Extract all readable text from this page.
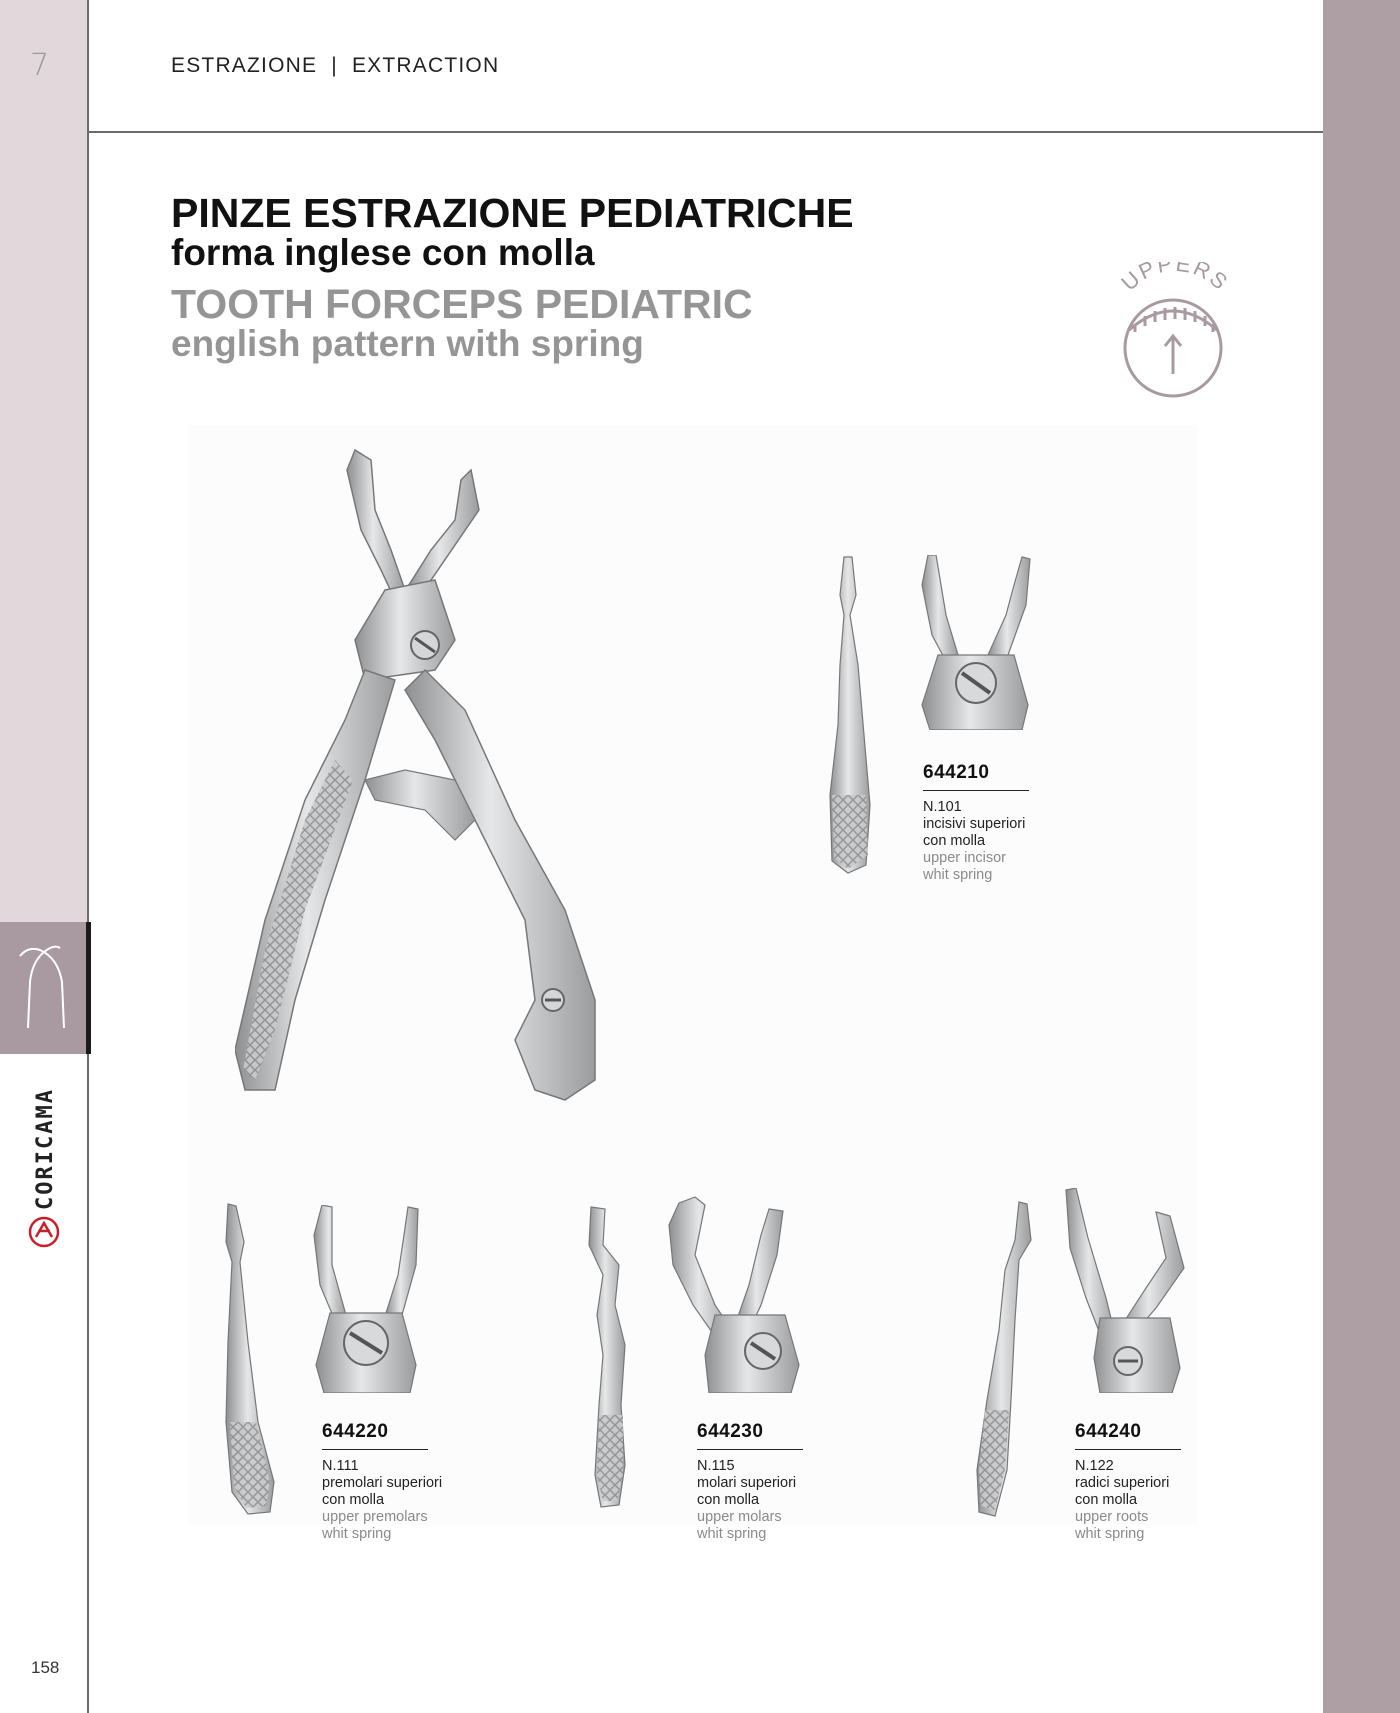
7
CORICAMA
158
ESTRAZIONE  |  EXTRACTION
PINZE ESTRAZIONE PEDIATRICHE
forma inglese con molla
TOOTH FORCEPS PEDIATRIC
english pattern with spring
UPPERS
644210
N.101
incisivi superiori
con molla
upper incisor
whit spring
644220
N.111
premolari superiori
con molla
upper premolars
whit spring
644230
N.115
molari superiori
con molla
upper molars
whit spring
644240
N.122
radici superiori
con molla
upper roots
whit spring
